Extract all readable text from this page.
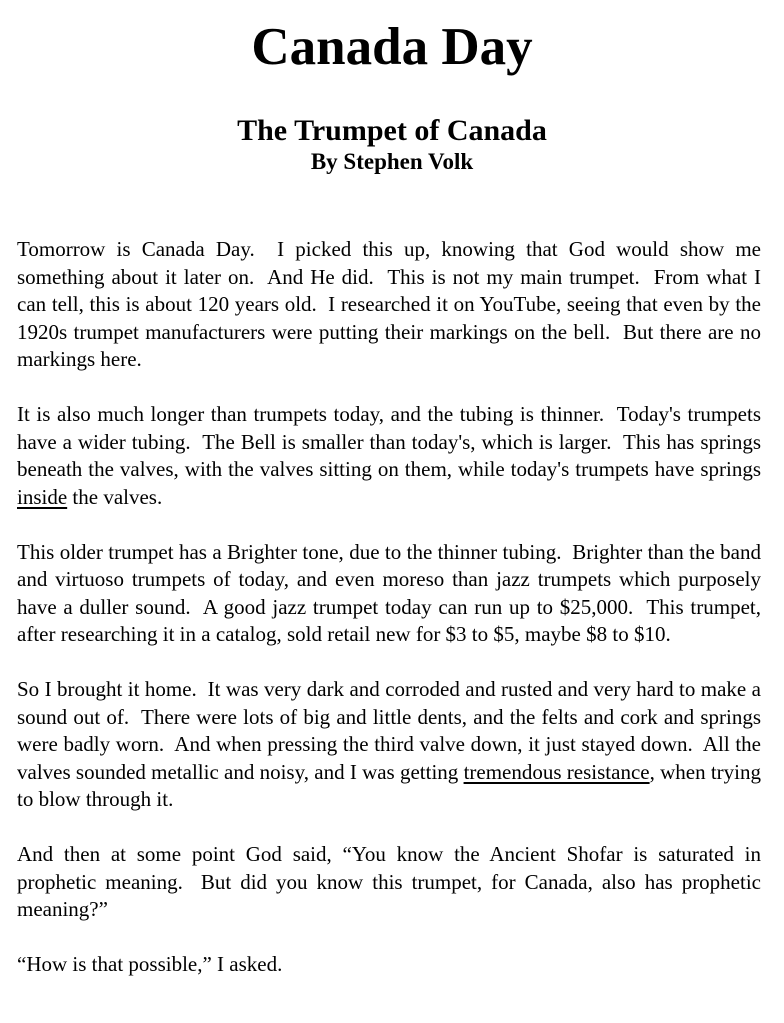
Canada Day
The Trumpet of Canada
By Stephen Volk

Tomorrow is Canada Day.  I picked this up, knowing that God would show me something about it later on.  And He did.  This is not my main trumpet.  From what I can tell, this is about 120 years old.  I researched it on YouTube, seeing that even by the 1920s trumpet manufacturers were putting their markings on the bell.  But there are no markings here.

It is also much longer than trumpets today, and the tubing is thinner.  Today's trumpets have a wider tubing.  The Bell is smaller than today's, which is larger.  This has springs beneath the valves, with the valves sitting on them, while today's trumpets have springs inside the valves.

This older trumpet has a Brighter tone, due to the thinner tubing.  Brighter than the band and virtuoso trumpets of today, and even moreso than jazz trumpets which purposely have a duller sound.  A good jazz trumpet today can run up to $25,000.  This trumpet, after researching it in a catalog, sold retail new for $3 to $5, maybe $8 to $10.

So I brought it home.  It was very dark and corroded and rusted and very hard to make a sound out of.  There were lots of big and little dents, and the felts and cork and springs were badly worn.  And when pressing the third valve down, it just stayed down.  All the valves sounded metallic and noisy, and I was getting tremendous resistance, when trying to blow through it.

And then at some point God said, “You know the Ancient Shofar is saturated in prophetic meaning.  But did you know this trumpet, for Canada, also has prophetic meaning?”

“How is that possible,” I asked.
